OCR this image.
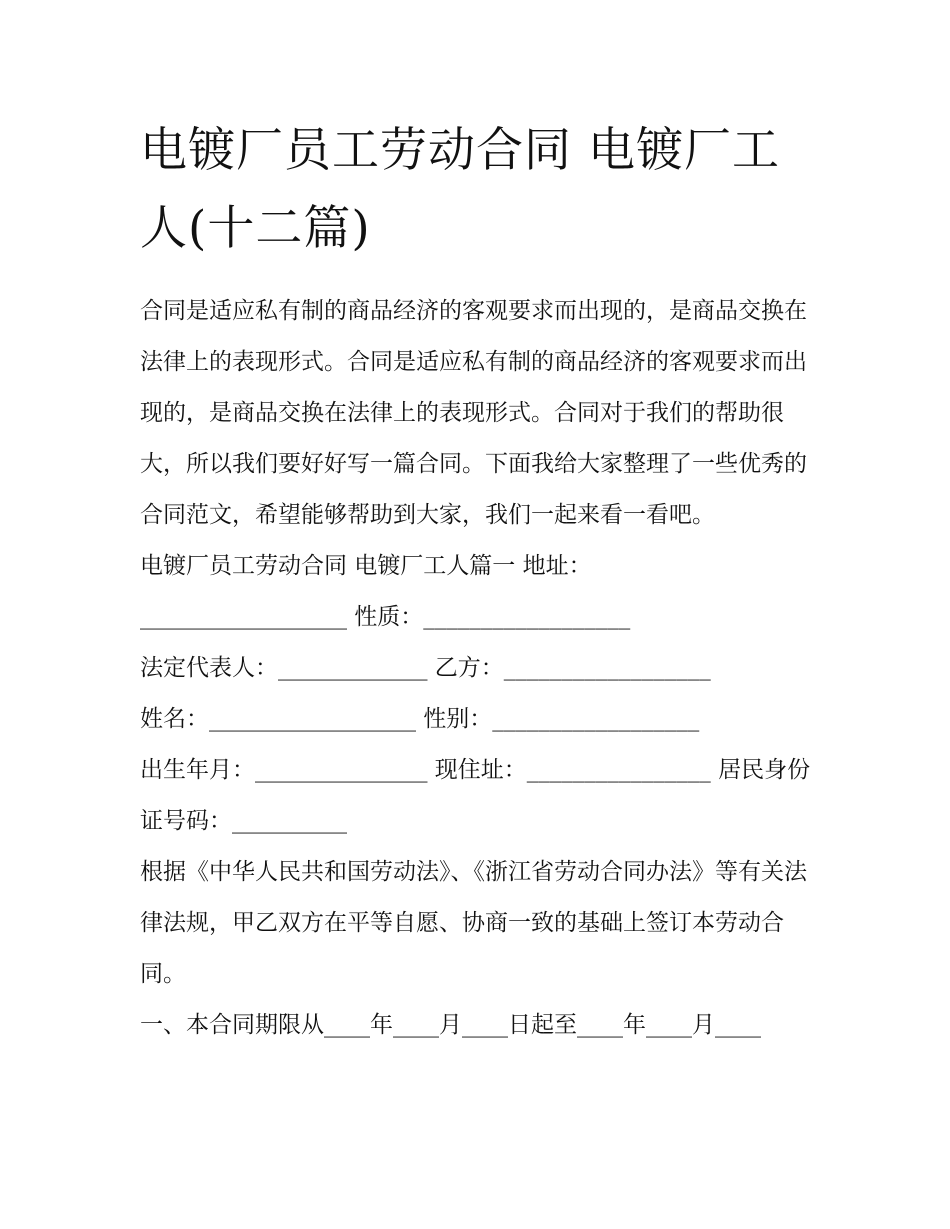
电镀厂员工劳动合同 电镀厂工人(十二篇)

合同是适应私有制的商品经济的客观要求而出现的，是商品交换在法律上的表现形式。合同是适应私有制的商品经济的客观要求而出现的，是商品交换在法律上的表现形式。合同对于我们的帮助很大，所以我们要好好写一篇合同。下面我给大家整理了一些优秀的合同范文，希望能够帮助到大家，我们一起来看一看吧。

电镀厂员工劳动合同 电镀厂工人篇一 地址：

__________________ 性质：__________________

法定代表人：_____________ 乙方：__________________

姓名：__________________ 性别：__________________

出生年月：_______________ 现住址：________________ 居民身份证号码：__________

根据《中华人民共和国劳动法》、《浙江省劳动合同办法》等有关法律法规，甲乙双方在平等自愿、协商一致的基础上签订本劳动合同。

一、本合同期限从____年____月____日起至____年____月____
